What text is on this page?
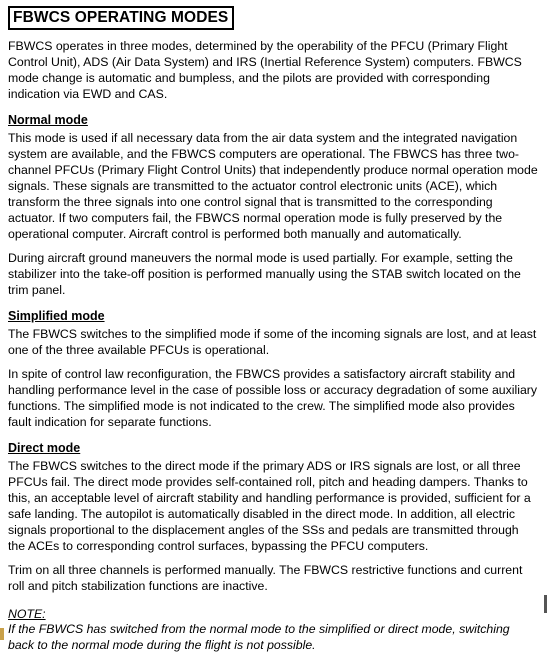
FBWCS OPERATING MODES

FBWCS operates in three modes, determined by the operability of the PFCU (Primary Flight Control Unit), ADS (Air Data System) and IRS (Inertial Reference System) computers. FBWCS mode change is automatic and bumpless, and the pilots are provided with corresponding indication via EWD and CAS.

Normal mode

This mode is used if all necessary data from the air data system and the integrated navigation system are available, and the FBWCS computers are operational. The FBWCS has three two-channel PFCUs (Primary Flight Control Units) that independently produce normal operation mode signals. These signals are transmitted to the actuator control electronic units (ACE), which transform the three signals into one control signal that is transmitted to the corresponding actuator. If two computers fail, the FBWCS normal operation mode is fully preserved by the operational computer. Aircraft control is performed both manually and automatically.

During aircraft ground maneuvers the normal mode is used partially. For example, setting the stabilizer into the take-off position is performed manually using the STAB switch located on the trim panel.

Simplified mode

The FBWCS switches to the simplified mode if some of the incoming signals are lost, and at least one of the three available PFCUs is operational.

In spite of control law reconfiguration, the FBWCS provides a satisfactory aircraft stability and handling performance level in the case of possible loss or accuracy degradation of some auxiliary functions. The simplified mode is not indicated to the crew. The simplified mode also provides fault indication for separate functions.

Direct mode

The FBWCS switches to the direct mode if the primary ADS or IRS signals are lost, or all three PFCUs fail. The direct mode provides self-contained roll, pitch and heading dampers. Thanks to this, an acceptable level of aircraft stability and handling performance is provided, sufficient for a safe landing. The autopilot is automatically disabled in the direct mode. In addition, all electric signals proportional to the displacement angles of the SSs and pedals are transmitted through the ACEs to corresponding control surfaces, bypassing the PFCU computers.

Trim on all three channels is performed manually. The FBWCS restrictive functions and current roll and pitch stabilization functions are inactive.

NOTE:

If the FBWCS has switched from the normal mode to the simplified or direct mode, switching back to the normal mode during the flight is not possible.
